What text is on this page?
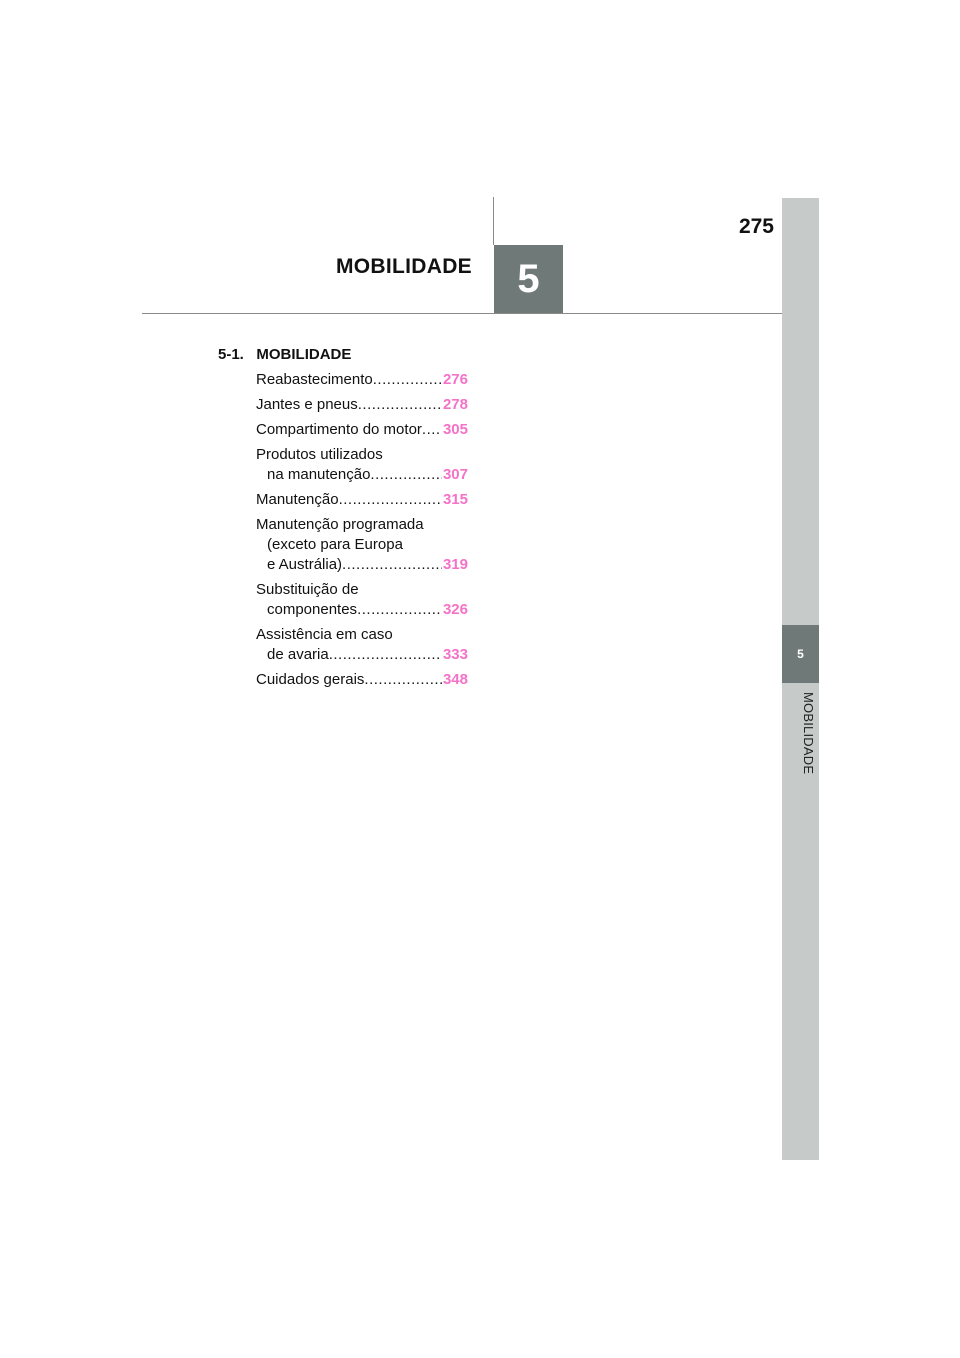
5
MOBILIDADE
275
MOBILIDADE	5
5-1. MOBILIDADE
Reabastecimento .....	276
Jantes e pneus .....	278
Compartimento do motor ..... 305
Produtos utilizados
na manutenção .....	307
Manutenção .....	315
Manutenção programada
(exceto para Europa
e Austrália) .....	319
Substituição de
componentes .....	326
Assistência em caso
de avaria .....	333
Cuidados gerais .....	348
